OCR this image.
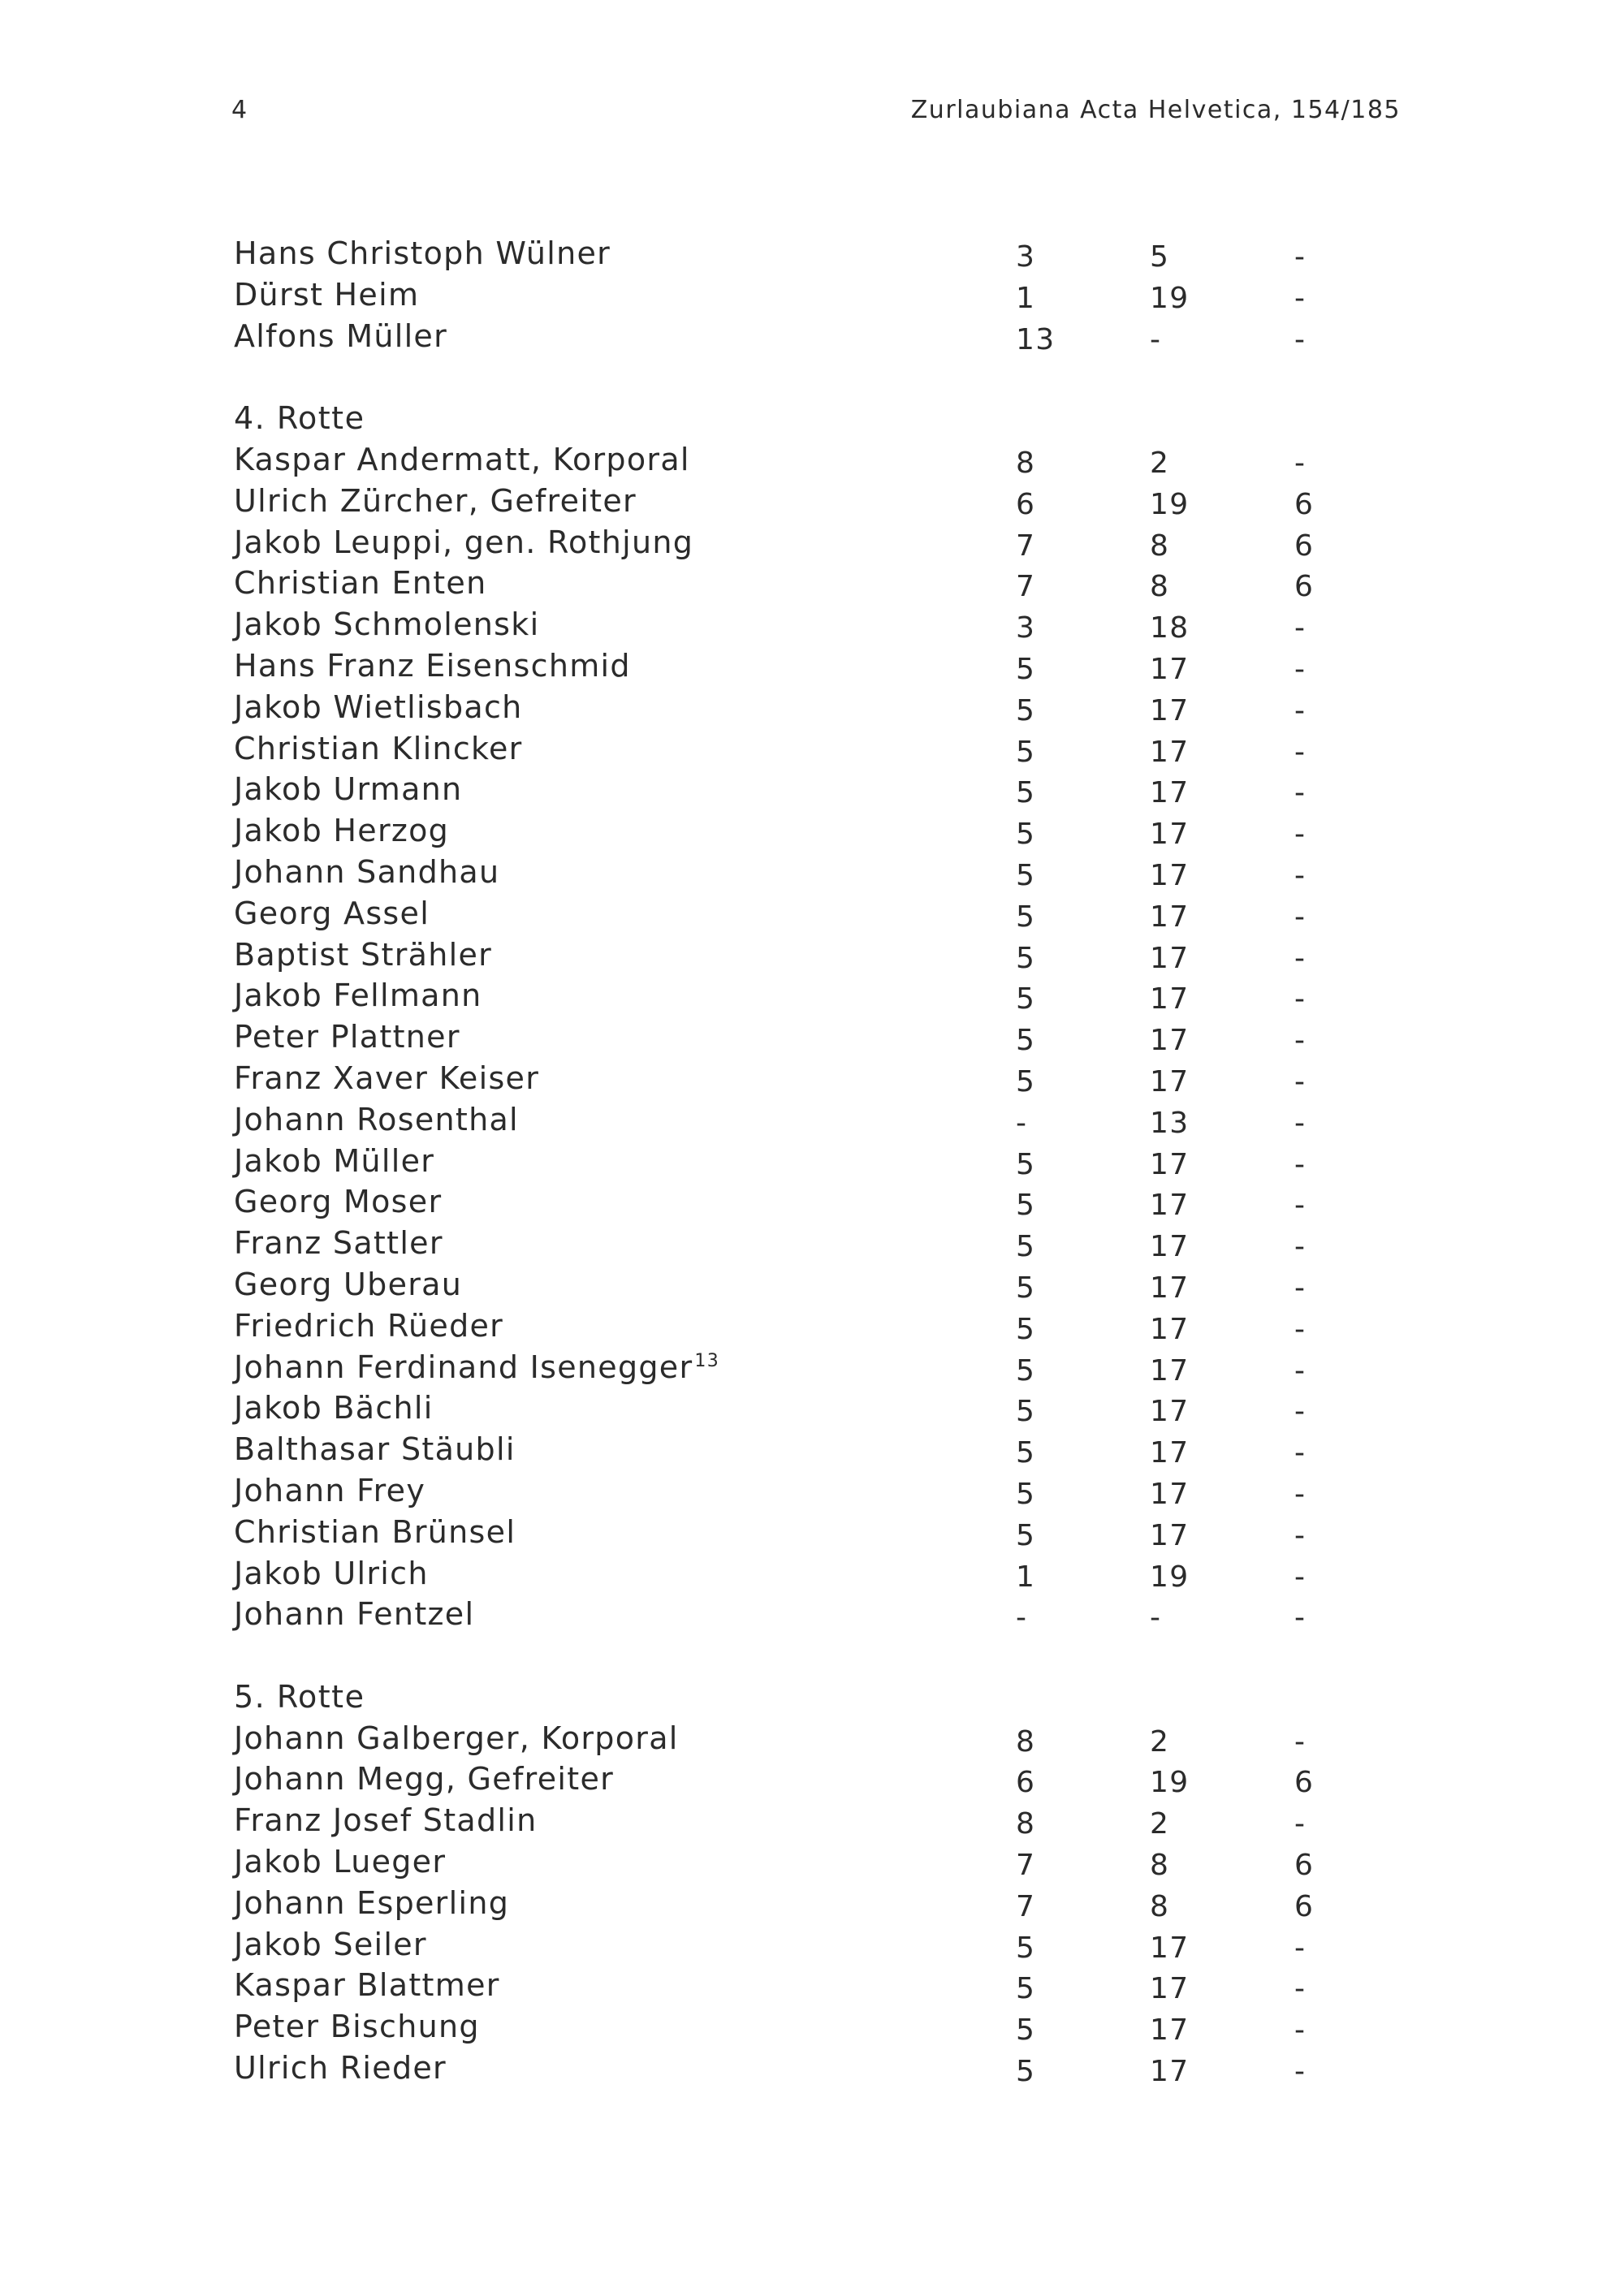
4	Zurlaubiana Acta Helvetica, 154/185
Hans Christoph Wülner	3	5	-
Dürst Heim	1	19	-
Alfons Müller	13	-	-
4. Rotte
Kaspar Andermatt, Korporal	8	2	-
Ulrich Zürcher, Gefreiter	6	19	6
Jakob Leuppi, gen. Rothjung	7	8	6
Christian Enten	7	8	6
Jakob Schmolenski	3	18	-
Hans Franz Eisenschmid	5	17	-
Jakob Wietlisbach	5	17	-
Christian Klincker	5	17	-
Jakob Urmann	5	17	-
Jakob Herzog	5	17	-
Johann Sandhau	5	17	-
Georg Assel	5	17	-
Baptist Strähler	5	17	-
Jakob Fellmann	5	17	-
Peter Plattner	5	17	-
Franz Xaver Keiser	5	17	-
Johann Rosenthal	-	13	-
Jakob Müller	5	17	-
Georg Moser	5	17	-
Franz Sattler	5	17	-
Georg Uberau	5	17	-
Friedrich Rüeder	5	17	-
Johann Ferdinand Isenegger$^{13}$	5	17	-
Jakob Bächli	5	17	-
Balthasar Stäubli	5	17	-
Johann Frey	5	17	-
Christian Brünsel	5	17	-
Jakob Ulrich	1	19	-
Johann Fentzel	-	-	-
5. Rotte
Johann Galberger, Korporal	8	2	-
Johann Megg, Gefreiter	6	19	6
Franz Josef Stadlin	8	2	-
Jakob Lueger	7	8	6
Johann Esperling	7	8	6
Jakob Seiler	5	17	-
Kaspar Blattmer	5	17	-
Peter Bischung	5	17	-
Ulrich Rieder	5	17	-
